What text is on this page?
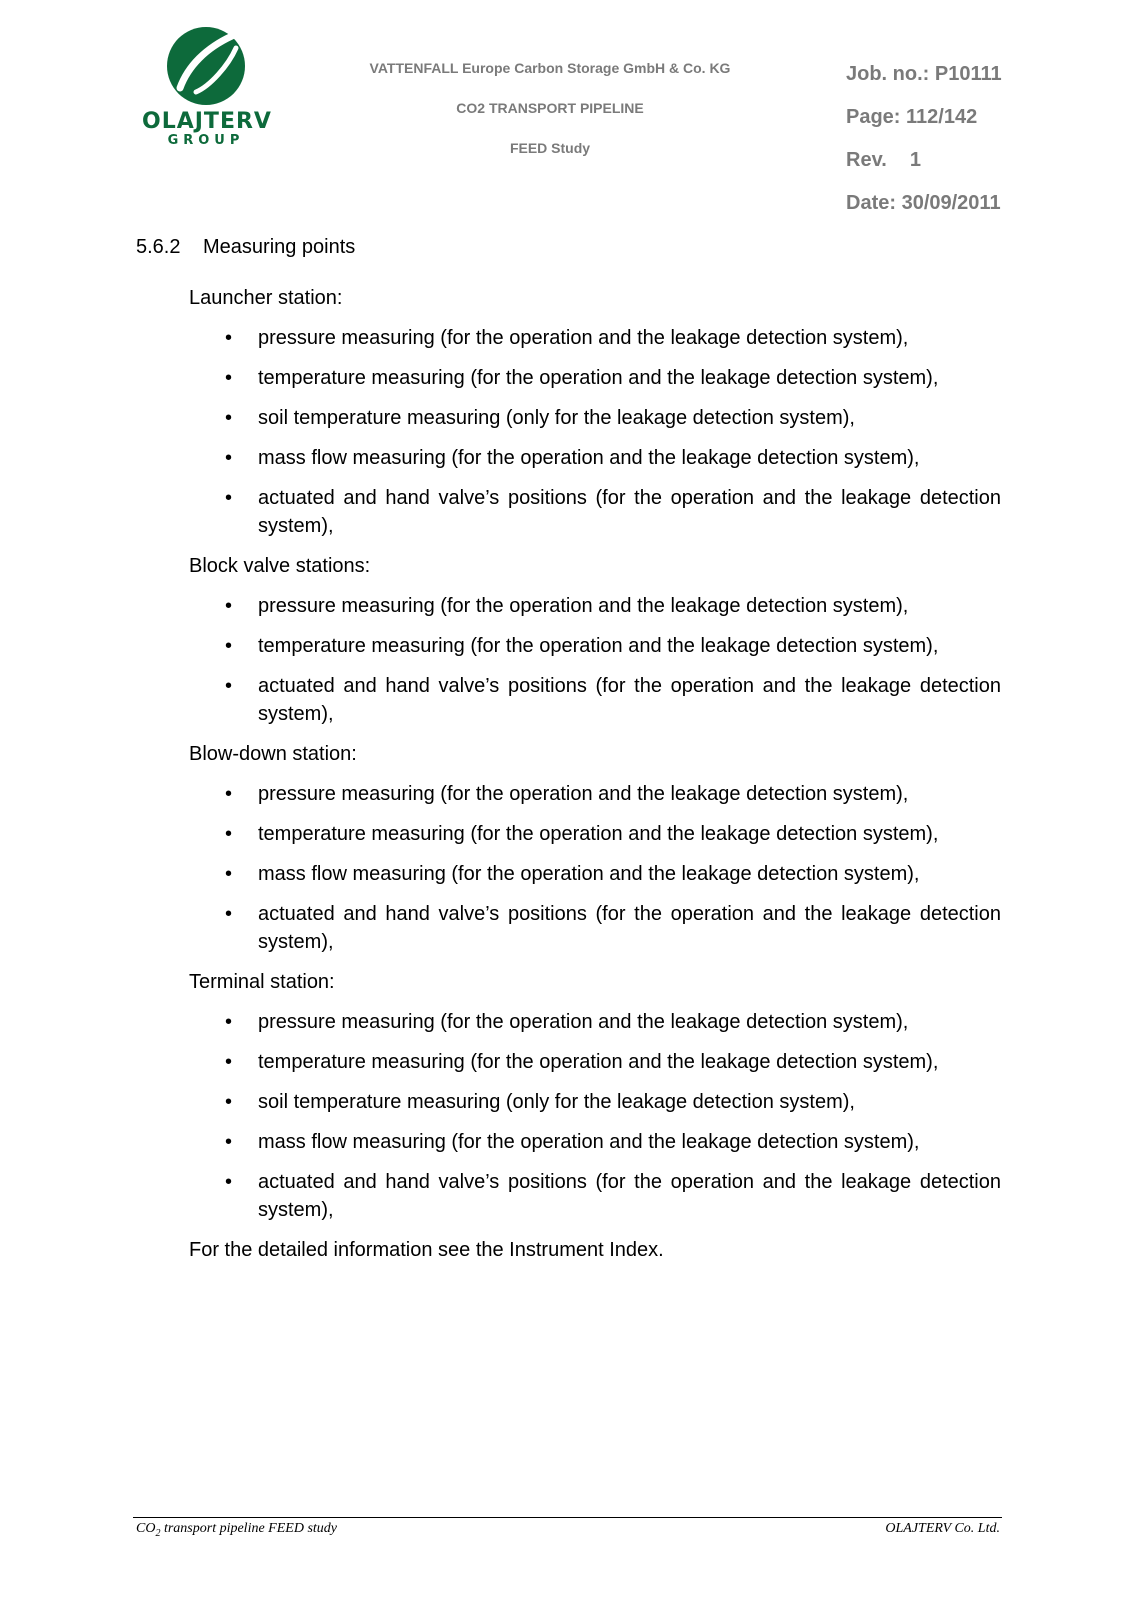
OLAJTERV
GROUP
VATTENFALL Europe Carbon Storage GmbH & Co. KG
CO2 TRANSPORT PIPELINE
FEED Study
Job. no.: P10111
Page: 112/142
Rev. 1
Date: 30/09/2011
5.6.2 Measuring points
Launcher station:
• pressure measuring (for the operation and the leakage detection system),
• temperature measuring (for the operation and the leakage detection system),
• soil temperature measuring (only for the leakage detection system),
• mass flow measuring (for the operation and the leakage detection system),
• actuated and hand valve’s positions (for the operation and the leakage detection system),
Block valve stations:
• pressure measuring (for the operation and the leakage detection system),
• temperature measuring (for the operation and the leakage detection system),
• actuated and hand valve’s positions (for the operation and the leakage detection system),
Blow-down station:
• pressure measuring (for the operation and the leakage detection system),
• temperature measuring (for the operation and the leakage detection system),
• mass flow measuring (for the operation and the leakage detection system),
• actuated and hand valve’s positions (for the operation and the leakage detection system),
Terminal station:
• pressure measuring (for the operation and the leakage detection system),
• temperature measuring (for the operation and the leakage detection system),
• soil temperature measuring (only for the leakage detection system),
• mass flow measuring (for the operation and the leakage detection system),
• actuated and hand valve’s positions (for the operation and the leakage detection system),
For the detailed information see the Instrument Index.
$CO_2$ transport pipeline FEED study	OLAJTERV Co. Ltd.
